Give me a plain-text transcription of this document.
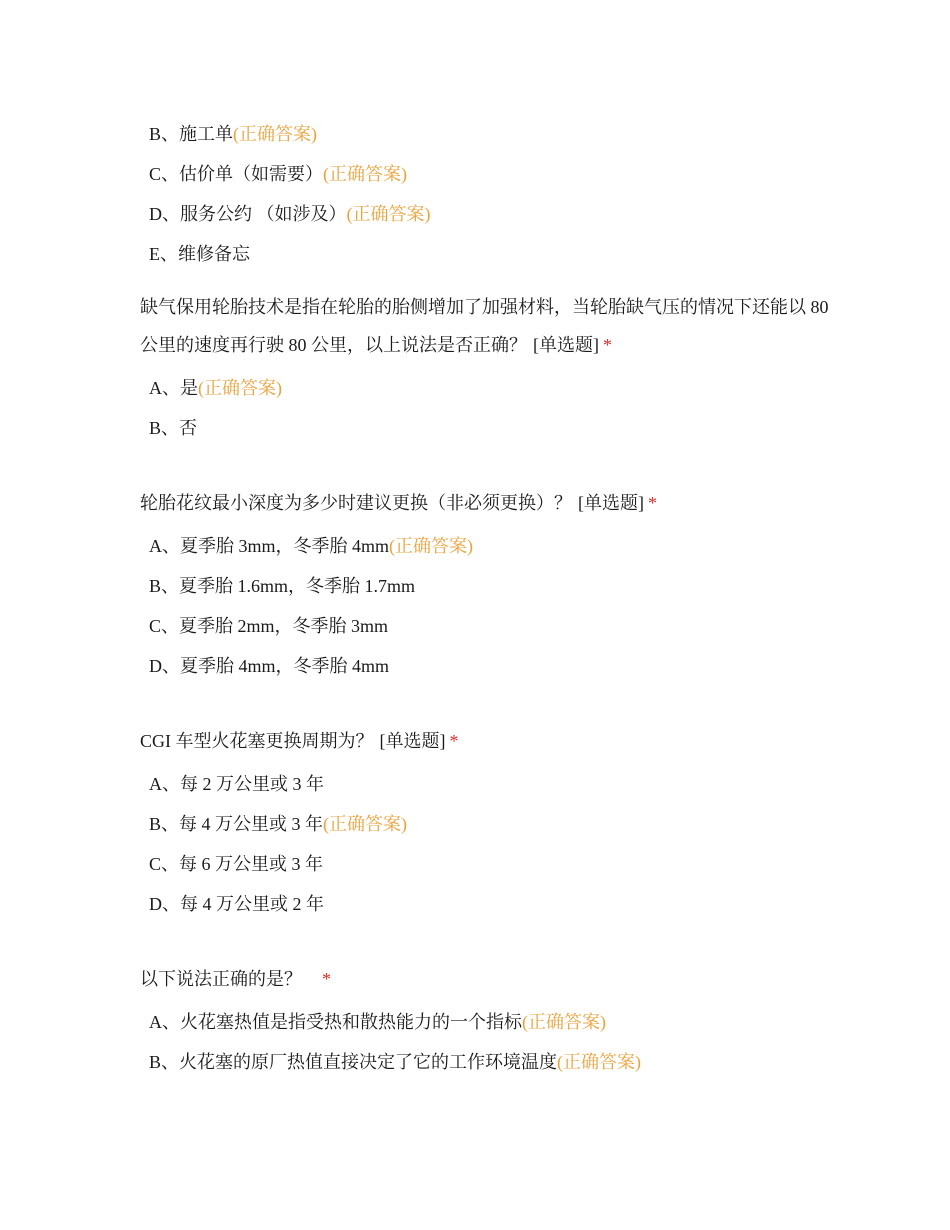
B、施工单(正确答案)
C、估价单（如需要）(正确答案)
D、服务公约 （如涉及）(正确答案)
E、维修备忘
缺气保用轮胎技术是指在轮胎的胎侧增加了加强材料，当轮胎缺气压的情况下还能以 80 公里的速度再行驶 80 公里，以上说法是否正确？ [单选题] *
A、是(正确答案)
B、否
轮胎花纹最小深度为多少时建议更换（非必须更换）？ [单选题] *
A、夏季胎 3mm，冬季胎 4mm(正确答案)
B、夏季胎 1.6mm，冬季胎 1.7mm
C、夏季胎 2mm，冬季胎 3mm
D、夏季胎 4mm，冬季胎 4mm
CGI 车型火花塞更换周期为？ [单选题] *
A、每 2 万公里或 3 年
B、每 4 万公里或 3 年(正确答案)
C、每 6 万公里或 3 年
D、每 4 万公里或 2 年
以下说法正确的是？ *
A、火花塞热值是指受热和散热能力的一个指标(正确答案)
B、火花塞的原厂热值直接决定了它的工作环境温度(正确答案)
